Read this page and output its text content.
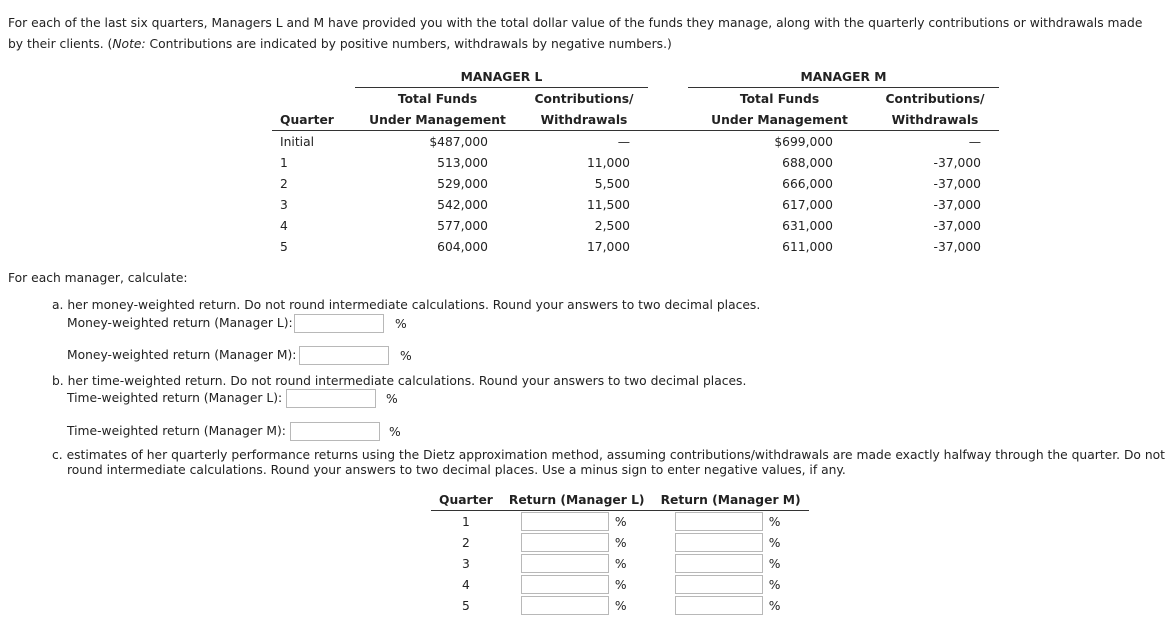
For each of the last six quarters, Managers L and M have provided you with the total dollar value of the funds they manage, along with the quarterly contributions or withdrawals made by their clients. (Note: Contributions are indicated by positive numbers, withdrawals by negative numbers.)
	MANAGER L			MANAGER M	
	Total Funds	Contributions/		Total Funds	Contributions/
Quarter	Under Management	Withdrawals		Under Management	Withdrawals
Initial	$487,000	—		$699,000	—
1	513,000	11,000		688,000	-37,000
2	529,000	5,500		666,000	-37,000
3	542,000	11,500		617,000	-37,000
4	577,000	2,500		631,000	-37,000
5	604,000	17,000		611,000	-37,000
For each manager, calculate:
a. her money-weighted return. Do not round intermediate calculations. Round your answers to two decimal places.
Money-weighted return (Manager L):	%
Money-weighted return (Manager M):	%
b. her time-weighted return. Do not round intermediate calculations. Round your answers to two decimal places.
Time-weighted return (Manager L):	%
Time-weighted return (Manager M):	%
c. estimates of her quarterly performance returns using the Dietz approximation method, assuming contributions/withdrawals are made exactly halfway through the quarter. Do not
round intermediate calculations. Round your answers to two decimal places. Use a minus sign to enter negative values, if any.
Quarter	Return (Manager L)	Return (Manager M)
1	%	%
2	%	%
3	%	%
4	%	%
5	%	%
